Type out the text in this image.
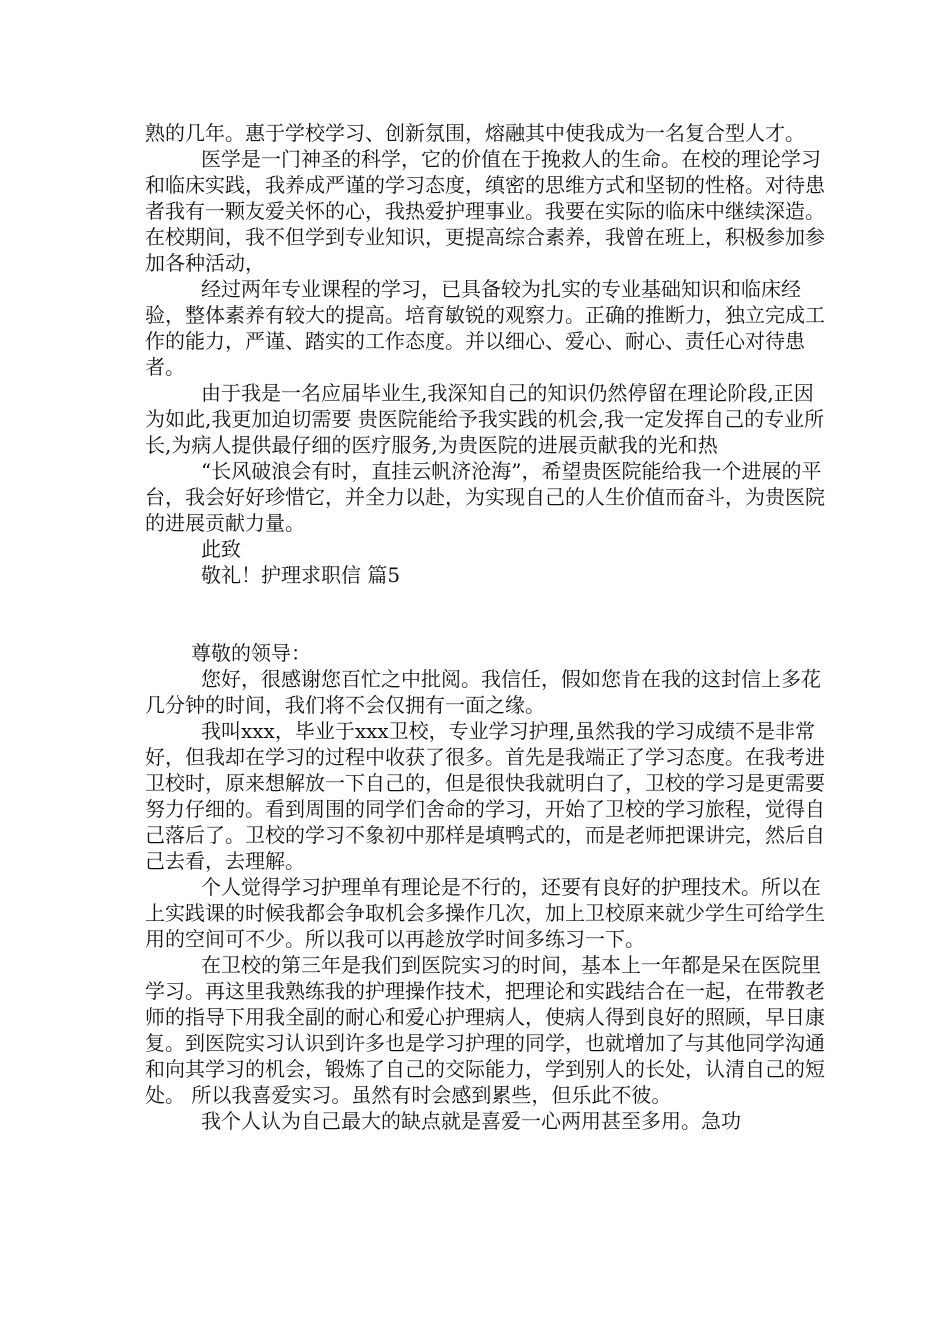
熟的几年。惠于学校学习、创新氛围，熔融其中使我成为一名复合型人才。

医学是一门神圣的科学，它的价值在于挽救人的生命。在校的理论学习和临床实践，我养成严谨的学习态度，缜密的思维方式和坚韧的性格。对待患者我有一颗友爱关怀的心，我热爱护理事业。我要在实际的临床中继续深造。在校期间，我不但学到专业知识，更提高综合素养，我曾在班上，积极参加参加各种活动，

经过两年专业课程的学习，已具备较为扎实的专业基础知识和临床经验，整体素养有较大的提高。培育敏锐的观察力。正确的推断力，独立完成工作的能力，严谨、踏实的工作态度。并以细心、爱心、耐心、责任心对待患者。

由于我是一名应届毕业生,我深知自己的知识仍然停留在理论阶段,正因为如此,我更加迫切需要 贵医院能给予我实践的机会,我一定发挥自己的专业所长,为病人提供最仔细的医疗服务,为贵医院的进展贡献我的光和热

“长风破浪会有时，直挂云帆济沧海”，希望贵医院能给我一个进展的平台，我会好好珍惜它，并全力以赴，为实现自己的人生价值而奋斗，为贵医院的进展贡献力量。

此致

敬礼！护理求职信 篇5

尊敬的领导：

您好，很感谢您百忙之中批阅。我信任，假如您肯在我的这封信上多花几分钟的时间，我们将不会仅拥有一面之缘。

我叫xxx，毕业于xxx卫校，专业学习护理,虽然我的学习成绩不是非常好，但我却在学习的过程中收获了很多。首先是我端正了学习态度。在我考进卫校时，原来想解放一下自己的，但是很快我就明白了，卫校的学习是更需要努力仔细的。看到周围的同学们舍命的学习，开始了卫校的学习旅程，觉得自己落后了。卫校的学习不象初中那样是填鸭式的，而是老师把课讲完，然后自己去看，去理解。

个人觉得学习护理单有理论是不行的，还要有良好的护理技术。所以在上实践课的时候我都会争取机会多操作几次，加上卫校原来就少学生可给学生用的空间可不少。所以我可以再趁放学时间多练习一下。

在卫校的第三年是我们到医院实习的时间，基本上一年都是呆在医院里学习。再这里我熟练我的护理操作技术，把理论和实践结合在一起，在带教老师的指导下用我全副的耐心和爱心护理病人，使病人得到良好的照顾，早日康复。到医院实习认识到许多也是学习护理的同学，也就增加了与其他同学沟通和向其学习的机会，锻炼了自己的交际能力，学到别人的长处，认清自己的短处。 所以我喜爱实习。虽然有时会感到累些，但乐此不彼。

我个人认为自己最大的缺点就是喜爱一心两用甚至多用。急功
